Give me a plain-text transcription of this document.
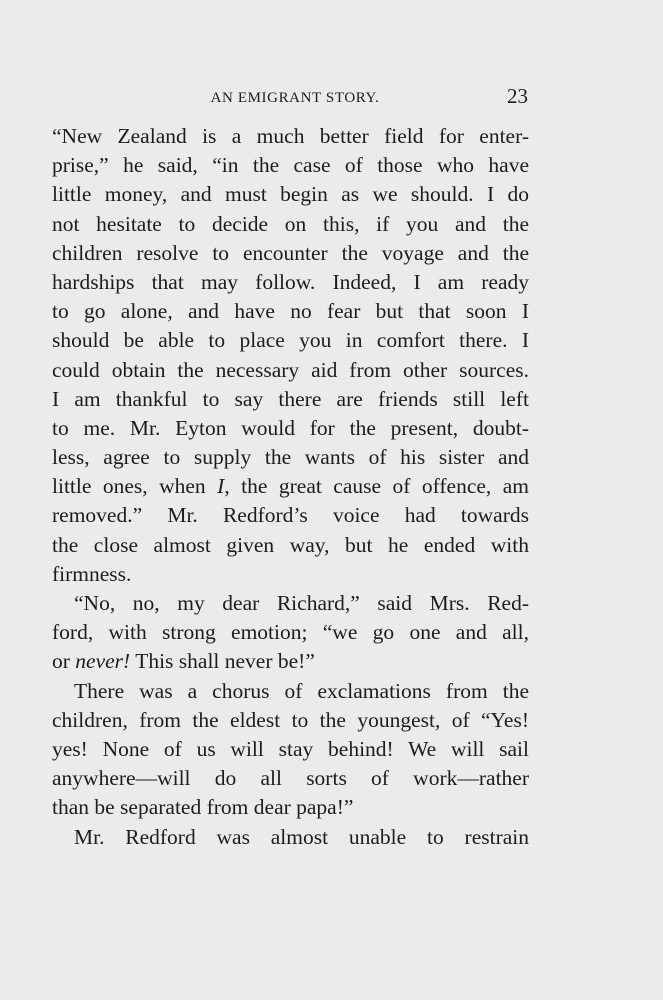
AN EMIGRANT STORY.	23
“New Zealand is a much better field for enter-
prise,” he said, “in the case of those who have
little money, and must begin as we should. I do
not hesitate to decide on this, if you and the
children resolve to encounter the voyage and the
hardships that may follow. Indeed, I am ready
to go alone, and have no fear but that soon I
should be able to place you in comfort there. I
could obtain the necessary aid from other sources.
I am thankful to say there are friends still left
to me. Mr. Eyton would for the present, doubt-
less, agree to supply the wants of his sister and
little ones, when I, the great cause of offence, am
removed.” Mr. Redford’s voice had towards
the close almost given way, but he ended with
firmness.
“No, no, my dear Richard,” said Mrs. Red-
ford, with strong emotion; “we go one and all,
or never! This shall never be!”
There was a chorus of exclamations from the
children, from the eldest to the youngest, of “Yes!
yes! None of us will stay behind! We will sail
anywhere—will do all sorts of work—rather
than be separated from dear papa!”
Mr. Redford was almost unable to restrain
